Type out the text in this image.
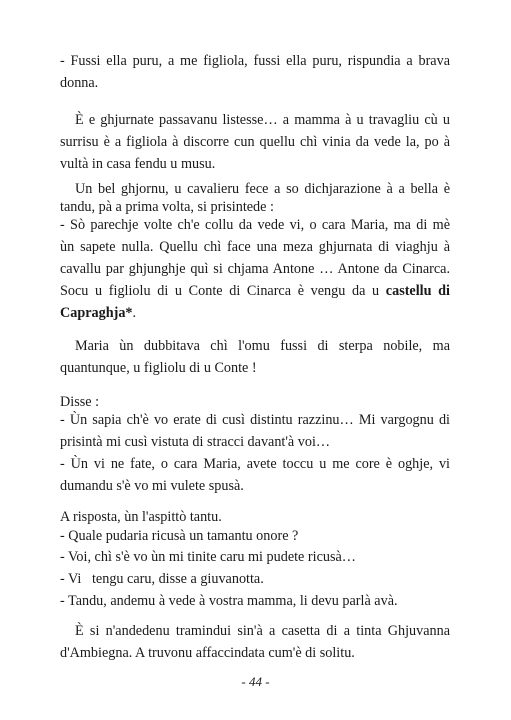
- Fussi ella puru, a me figliola, fussi ella puru, rispundia a brava
donna.
È e ghjurnate passavanu listesse… a mamma à u travagliu cù u
surrisu è a figliola à discorre cun quellu chì vinia da vede la, po à
vultà in casa fendu u musu.
Un bel ghjornu, u cavalieru fece a so dichjarazione à a bella è
tandu, pà a prima volta, si prisintede :
- Sò parechje volte ch'e collu da vede vi, o cara Maria, ma di mè
ùn sapete nulla. Quellu chì face una meza ghjurnata di viaghju à
cavallu par ghjunghje quì si chjama Antone … Antone da Cinarca.
Socu u figliolu di u Conte di Cinarca è vengu da u castellu di
Capraghja*.
Maria ùn dubbitava chì l'omu fussi di sterpa nobile, ma
quantunque, u figliolu di u Conte !
Disse :
- Ùn sapia ch'è vo erate di cusì distintu razzinu… Mi vargognu di
prisintà mi cusì vistuta di stracci davant'à voi…
- Ùn vi ne fate, o cara Maria, avete toccu u me core è oghje, vi
dumandu s'è vo mi vulete spusà.
A risposta, ùn l'aspittò tantu.
- Quale pudaria ricusà un tamantu onore ?
- Voi, chì s'è vo ùn mi tinite caru mi pudete ricusà…
- Vi   tengu caru, disse a giuvanotta.
- Tandu, andemu à vede à vostra mamma, li devu parlà avà.
È si n'andedenu tramindui sin'à a casetta di a tinta Ghjuvanna
d'Ambiegna. A truvonu affaccindata cum'è di solitu.
- 44 -
